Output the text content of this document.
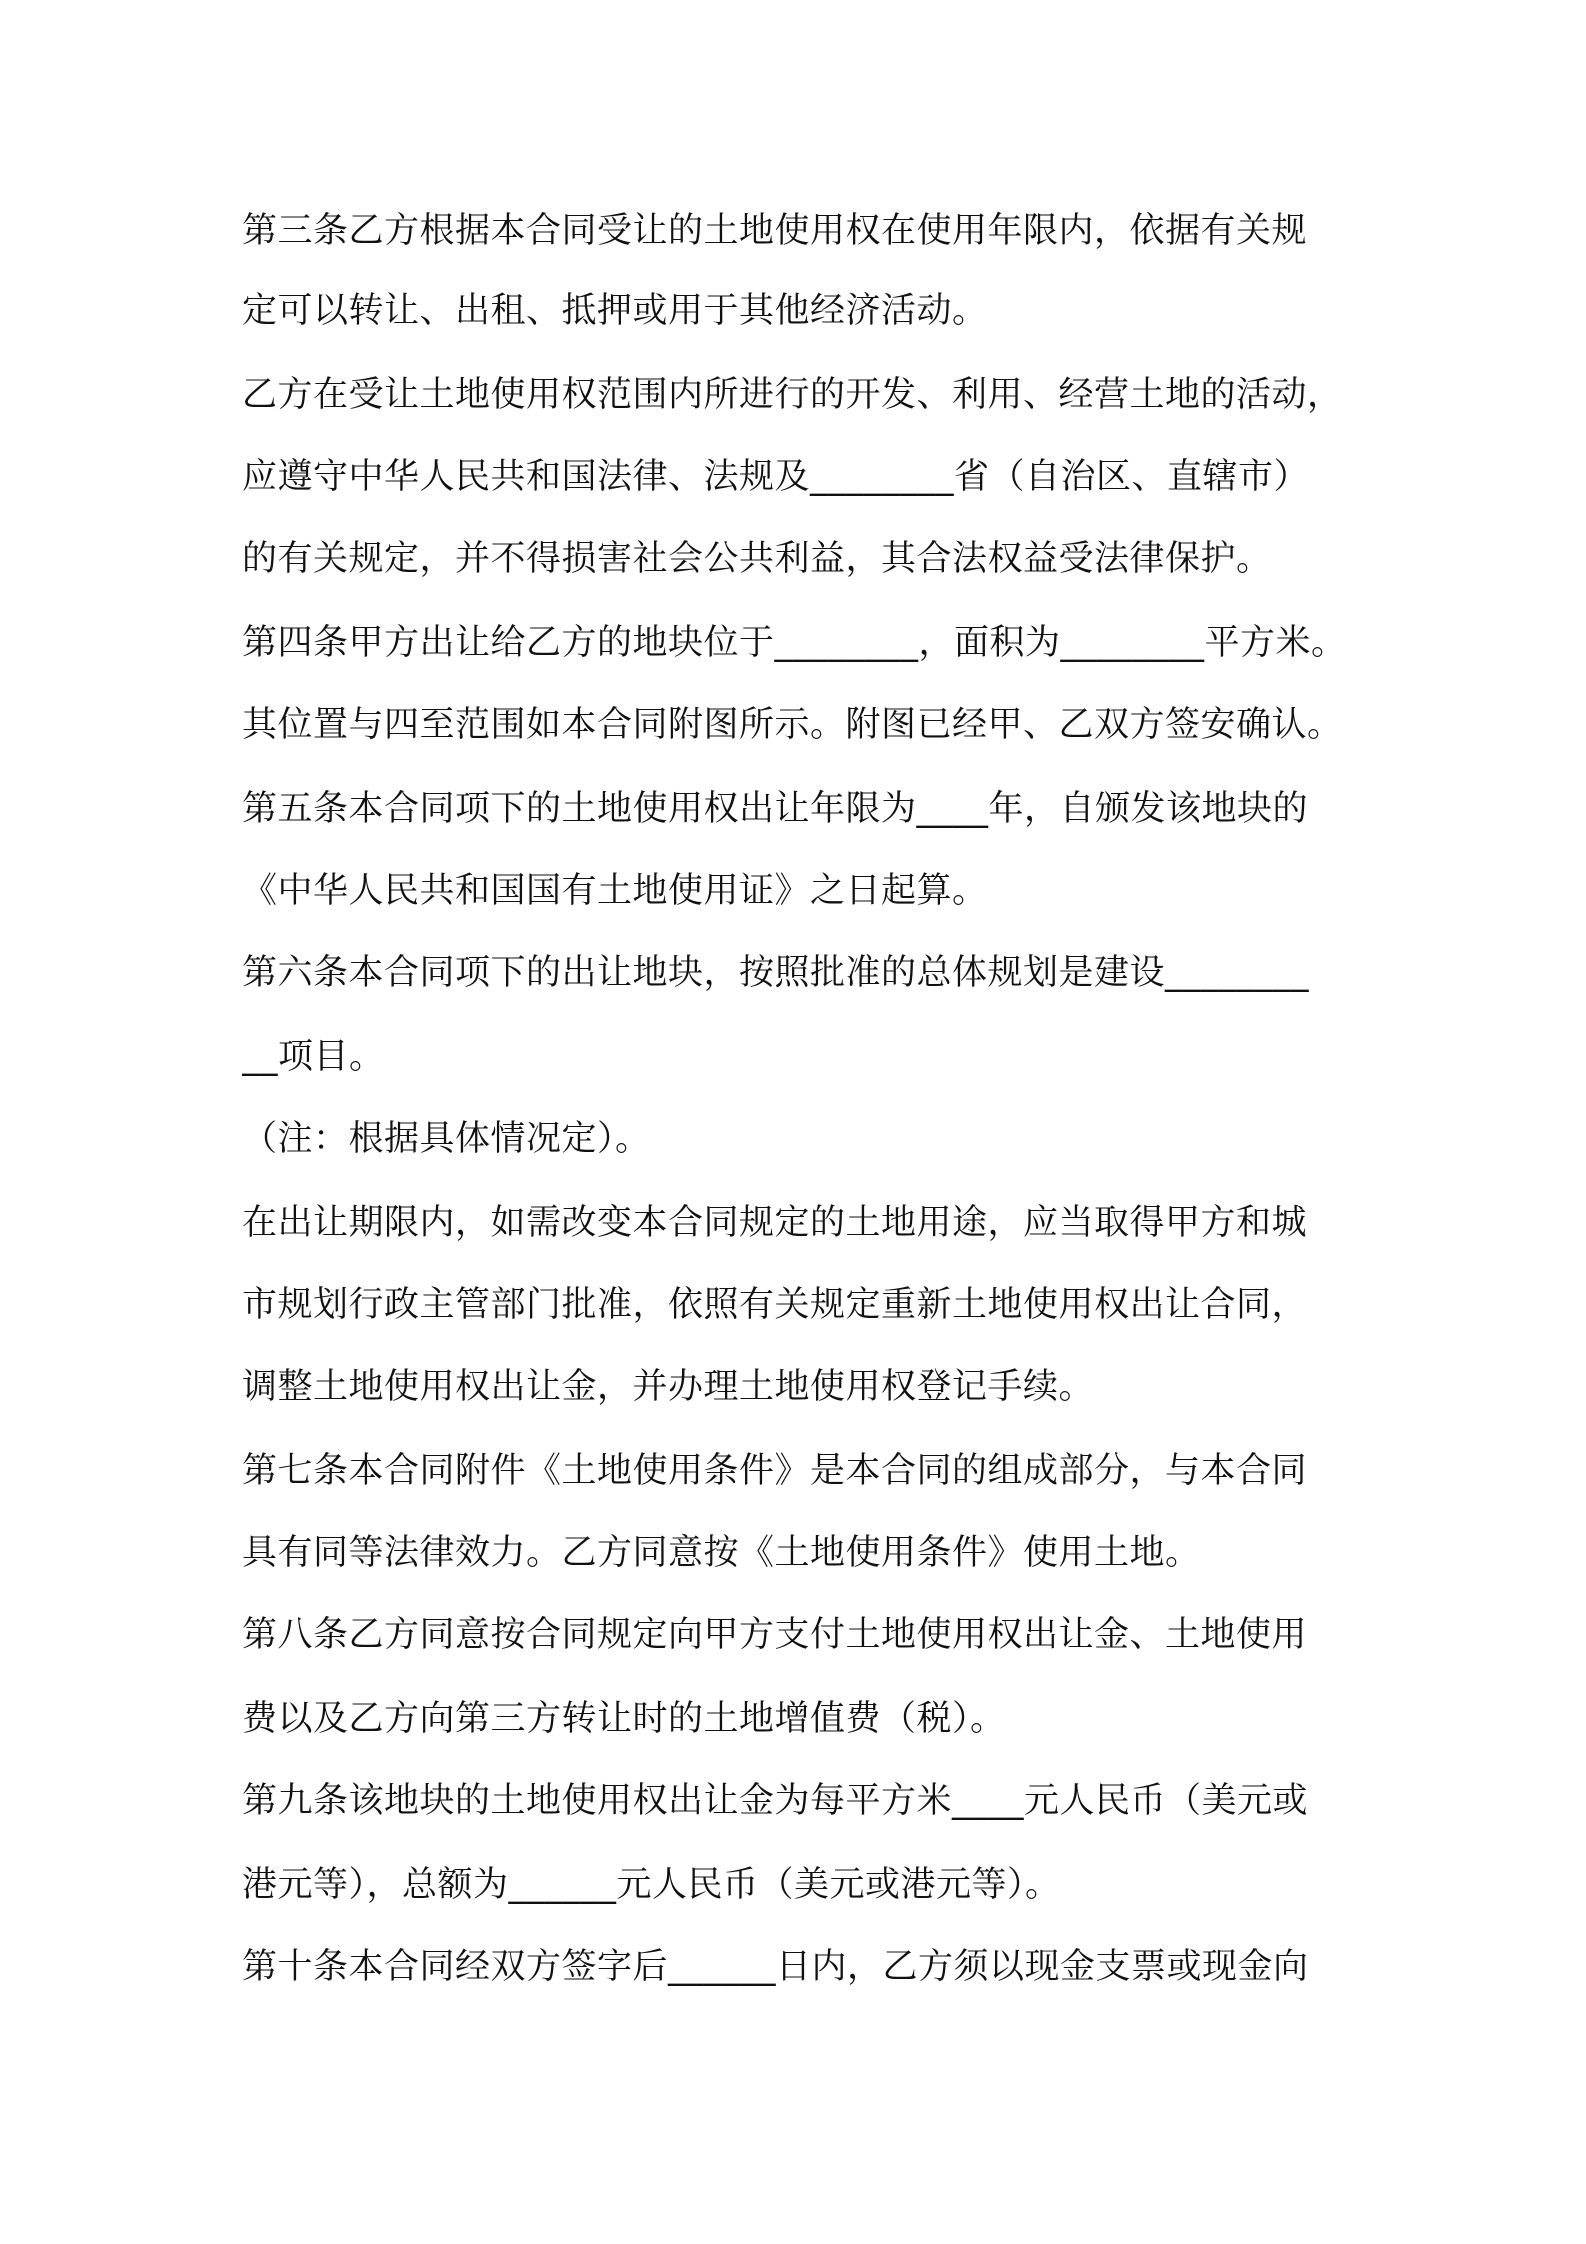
第三条乙方根据本合同受让的土地使用权在使用年限内，依据有关规
定可以转让、出租、抵押或用于其他经济活动。
乙方在受让土地使用权范围内所进行的开发、利用、经营土地的活动，
应遵守中华人民共和国法律、法规及________省（自治区、直辖市）
的有关规定，并不得损害社会公共利益，其合法权益受法律保护。
第四条甲方出让给乙方的地块位于________，面积为________平方米。
其位置与四至范围如本合同附图所示。附图已经甲、乙双方签安确认。
第五条本合同项下的土地使用权出让年限为____年，自颁发该地块的
《中华人民共和国国有土地使用证》之日起算。
第六条本合同项下的出让地块，按照批准的总体规划是建设________
__项目。
（注：根据具体情况定）。
在出让期限内，如需改变本合同规定的土地用途，应当取得甲方和城
市规划行政主管部门批准，依照有关规定重新土地使用权出让合同，
调整土地使用权出让金，并办理土地使用权登记手续。
第七条本合同附件《土地使用条件》是本合同的组成部分，与本合同
具有同等法律效力。乙方同意按《土地使用条件》使用土地。
第八条乙方同意按合同规定向甲方支付土地使用权出让金、土地使用
费以及乙方向第三方转让时的土地增值费（税）。
第九条该地块的土地使用权出让金为每平方米____元人民币（美元或
港元等），总额为______元人民币（美元或港元等）。
第十条本合同经双方签字后______日内，乙方须以现金支票或现金向
